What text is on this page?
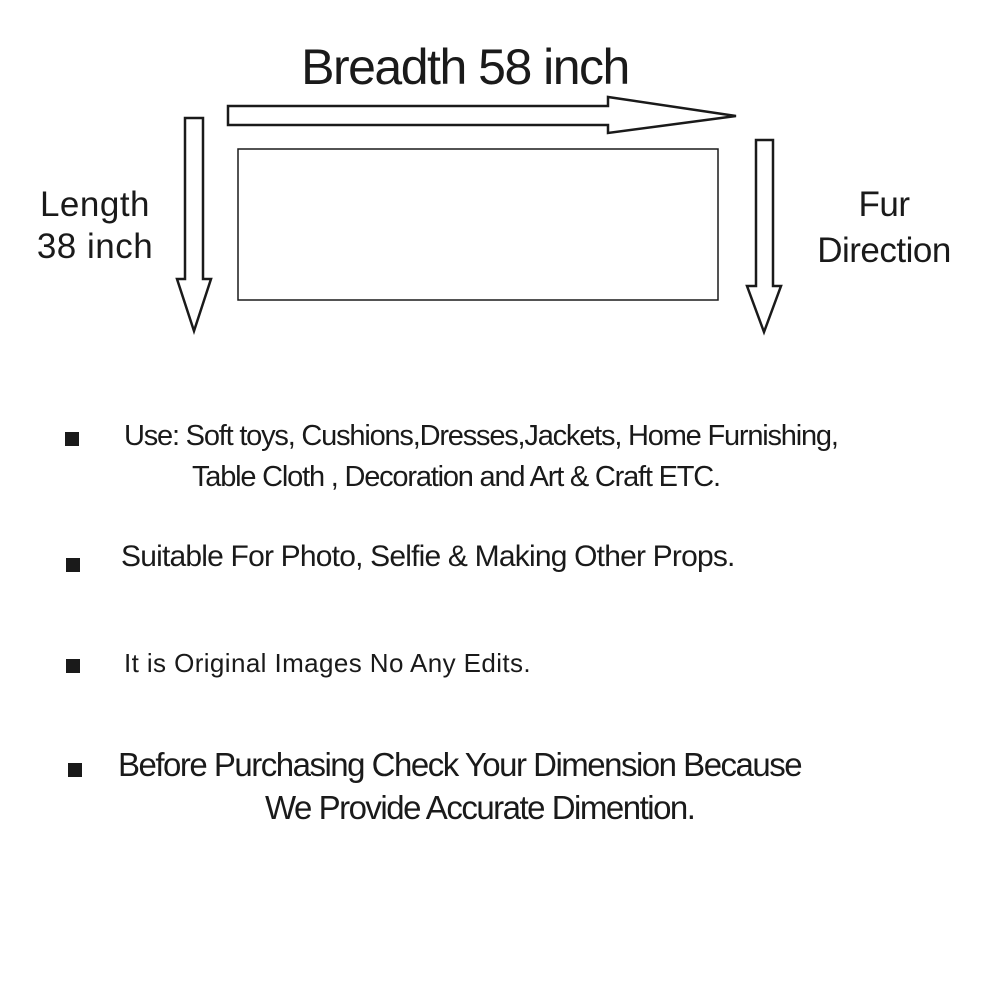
Breadth 58 inch
Length
38 inch
Fur
Direction
Use: Soft toys, Cushions,Dresses,Jackets, Home Furnishing,
Table Cloth , Decoration and Art & Craft ETC.
Suitable For Photo, Selfie & Making Other Props.
It is Original Images No Any Edits.
Before Purchasing Check Your Dimension Because
We Provide Accurate Dimention.
